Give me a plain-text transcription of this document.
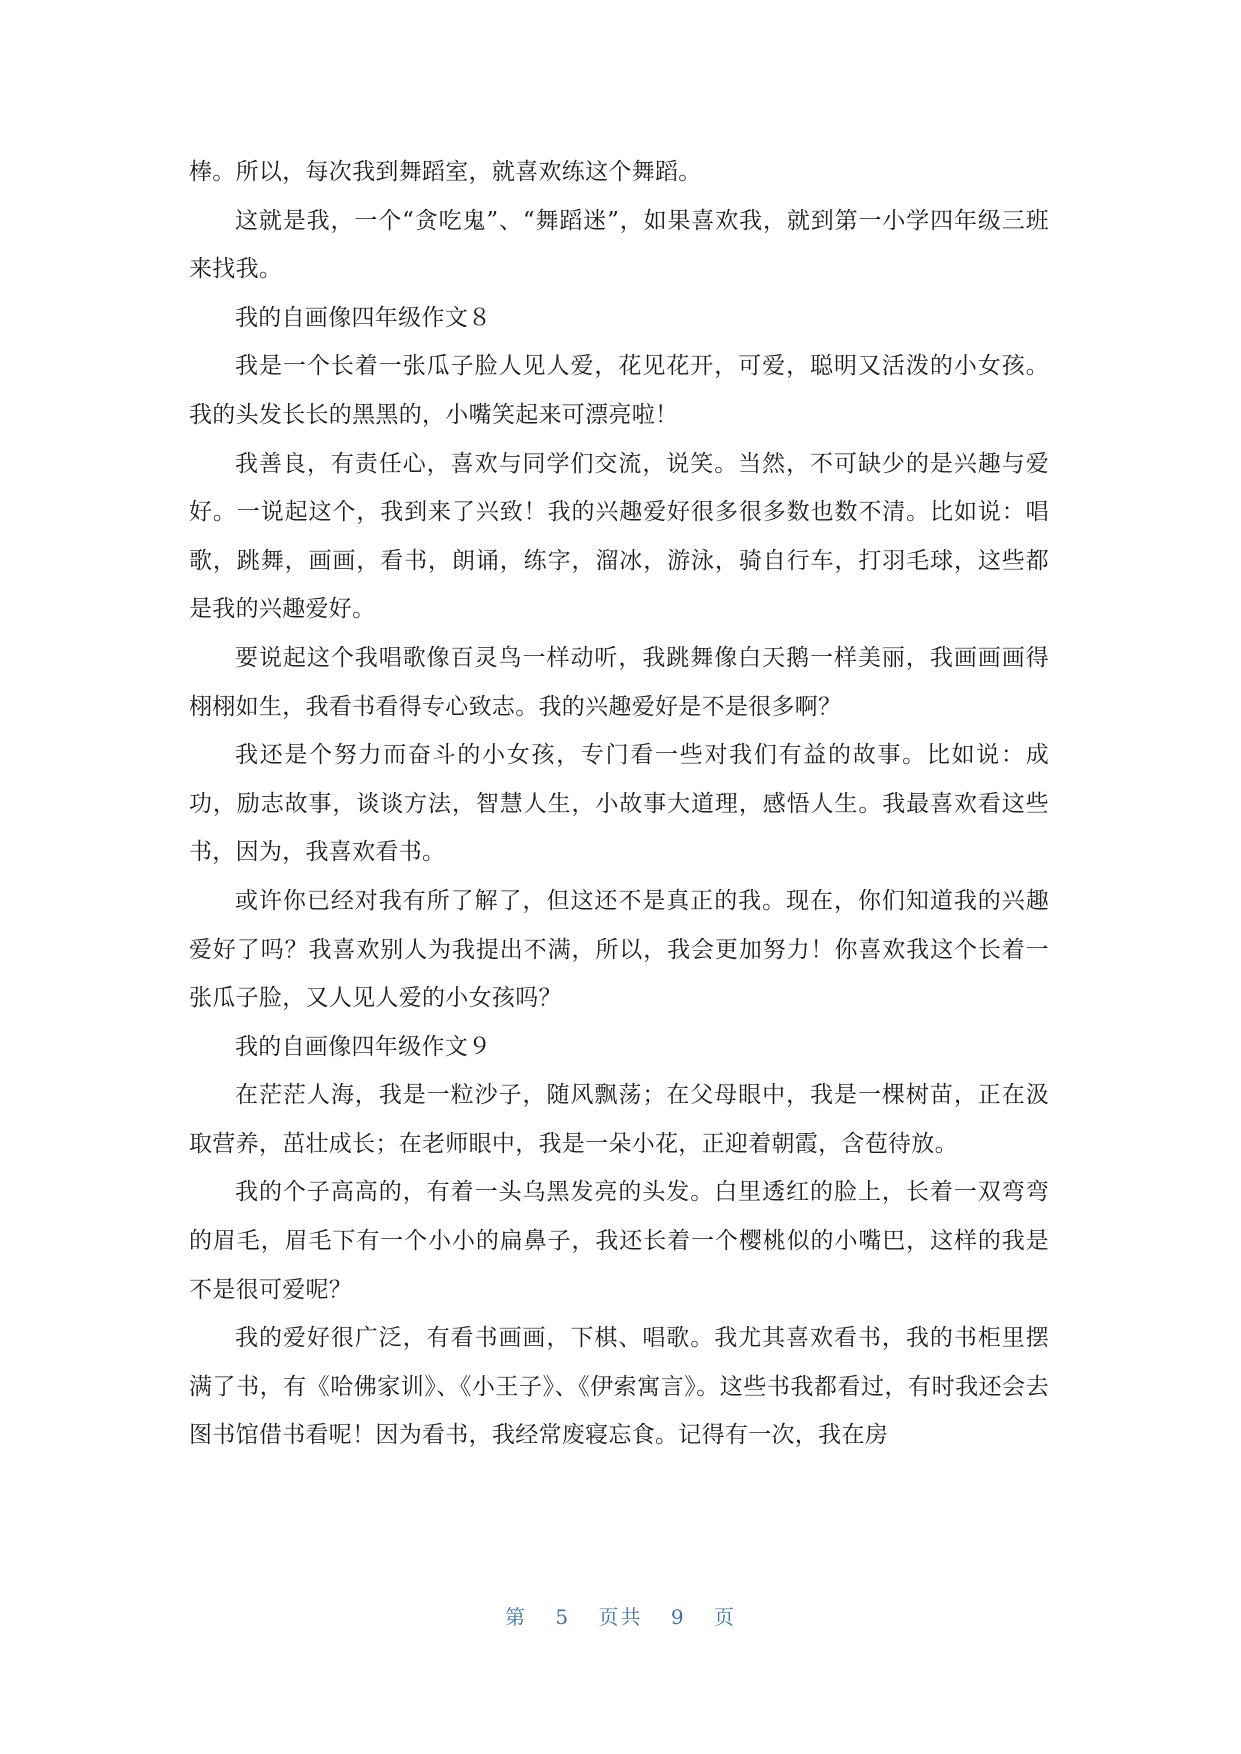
棒。所以，每次我到舞蹈室，就喜欢练这个舞蹈。

这就是我，一个“贪吃鬼”、“舞蹈迷”，如果喜欢我，就到第一小学四年级三班来找我。

我的自画像四年级作文８

我是一个长着一张瓜子脸人见人爱，花见花开，可爱，聪明又活泼的小女孩。我的头发长长的黑黑的，小嘴笑起来可漂亮啦！

我善良，有责任心，喜欢与同学们交流，说笑。当然，不可缺少的是兴趣与爱好。一说起这个，我到来了兴致！我的兴趣爱好很多很多数也数不清。比如说：唱歌，跳舞，画画，看书，朗诵，练字，溜冰，游泳，骑自行车，打羽毛球，这些都是我的兴趣爱好。

要说起这个我唱歌像百灵鸟一样动听，我跳舞像白天鹅一样美丽，我画画画得栩栩如生，我看书看得专心致志。我的兴趣爱好是不是很多啊？

我还是个努力而奋斗的小女孩，专门看一些对我们有益的故事。比如说：成功，励志故事，谈谈方法，智慧人生，小故事大道理，感悟人生。我最喜欢看这些书，因为，我喜欢看书。

或许你已经对我有所了解了，但这还不是真正的我。现在，你们知道我的兴趣爱好了吗？我喜欢别人为我提出不满，所以，我会更加努力！你喜欢我这个长着一张瓜子脸，又人见人爱的小女孩吗？

我的自画像四年级作文９

在茫茫人海，我是一粒沙子，随风飘荡；在父母眼中，我是一棵树苗，正在汲取营养，茁壮成长；在老师眼中，我是一朵小花，正迎着朝霞，含苞待放。

我的个子高高的，有着一头乌黑发亮的头发。白里透红的脸上，长着一双弯弯的眉毛，眉毛下有一个小小的扁鼻子，我还长着一个樱桃似的小嘴巴，这样的我是不是很可爱呢？

我的爱好很广泛，有看书画画，下棋、唱歌。我尤其喜欢看书，我的书柜里摆满了书，有《哈佛家训》、《小王子》、《伊索寓言》。这些书我都看过，有时我还会去图书馆借书看呢！因为看书，我经常废寝忘食。记得有一次，我在房

第 5 页共 9 页
